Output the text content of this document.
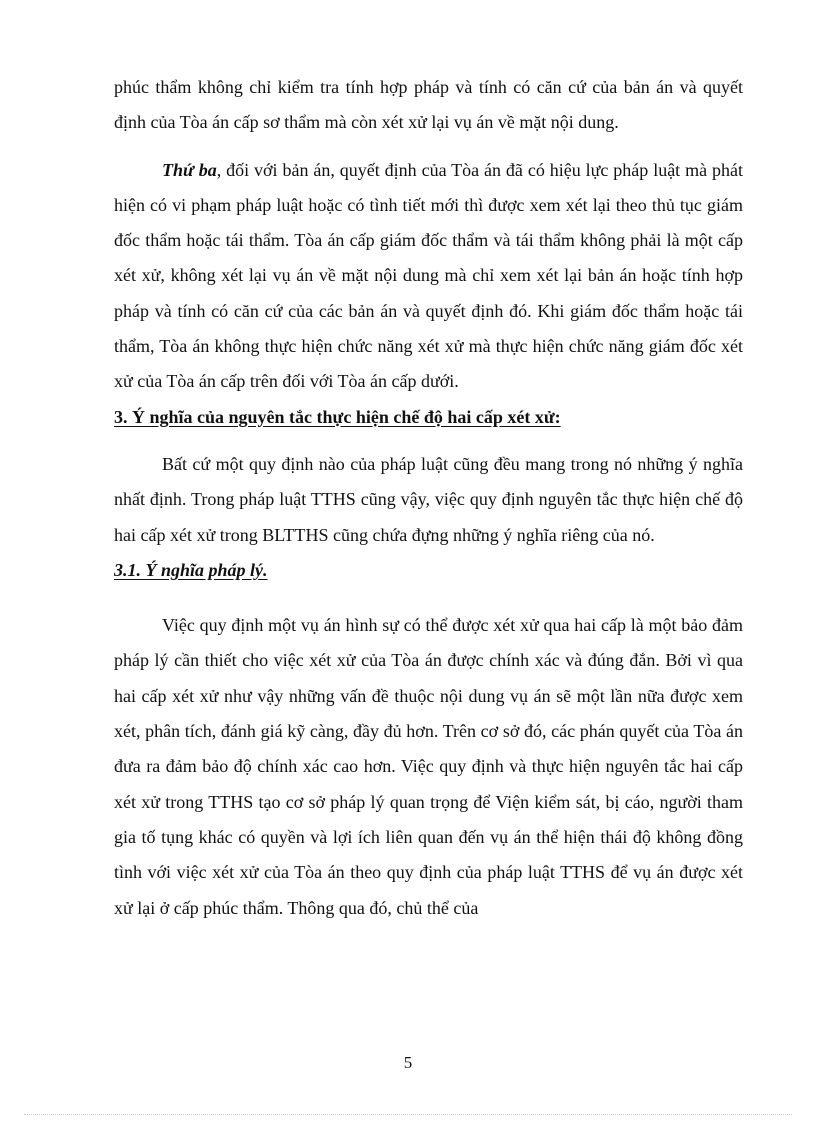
phúc thẩm không chỉ kiểm tra tính hợp pháp và tính có căn cứ của bản án và quyết định của Tòa án cấp sơ thẩm mà còn xét xử lại vụ án về mặt nội dung.

Thứ ba, đối với bản án, quyết định của Tòa án đã có hiệu lực pháp luật mà phát hiện có vi phạm pháp luật hoặc có tình tiết mới thì được xem xét lại theo thủ tục giám đốc thẩm hoặc tái thẩm. Tòa án cấp giám đốc thẩm và tái thẩm không phải là một cấp xét xử, không xét lại vụ án về mặt nội dung mà chỉ xem xét lại bản án hoặc tính hợp pháp và tính có căn cứ của các bản án và quyết định đó. Khi giám đốc thẩm hoặc tái thẩm, Tòa án không thực hiện chức năng xét xử mà thực hiện chức năng giám đốc xét xử của Tòa án cấp trên đối với Tòa án cấp dưới.

3. Ý nghĩa của nguyên tắc thực hiện chế độ hai cấp xét xử:

Bất cứ một quy định nào của pháp luật cũng đều mang trong nó những ý nghĩa nhất định. Trong pháp luật TTHS cũng vậy, việc quy định nguyên tắc thực hiện chế độ hai cấp xét xử trong BLTTHS cũng chứa đựng những ý nghĩa riêng của nó.

3.1. Ý nghĩa pháp lý.

Việc quy định một vụ án hình sự có thể được xét xử qua hai cấp là một bảo đảm pháp lý cần thiết cho việc xét xử của Tòa án được chính xác và đúng đắn. Bởi vì qua hai cấp xét xử như vậy những vấn đề thuộc nội dung vụ án sẽ một lần nữa được xem xét, phân tích, đánh giá kỹ càng, đầy đủ hơn. Trên cơ sở đó, các phán quyết của Tòa án đưa ra đảm bảo độ chính xác cao hơn. Việc quy định và thực hiện nguyên tắc hai cấp xét xử trong TTHS tạo cơ sở pháp lý quan trọng để Viện kiểm sát, bị cáo, người tham gia tố tụng khác có quyền và lợi ích liên quan đến vụ án thể hiện thái độ không đồng tình với việc xét xử của Tòa án theo quy định của pháp luật TTHS để vụ án được xét xử lại ở cấp phúc thẩm. Thông qua đó, chủ thể của

5
